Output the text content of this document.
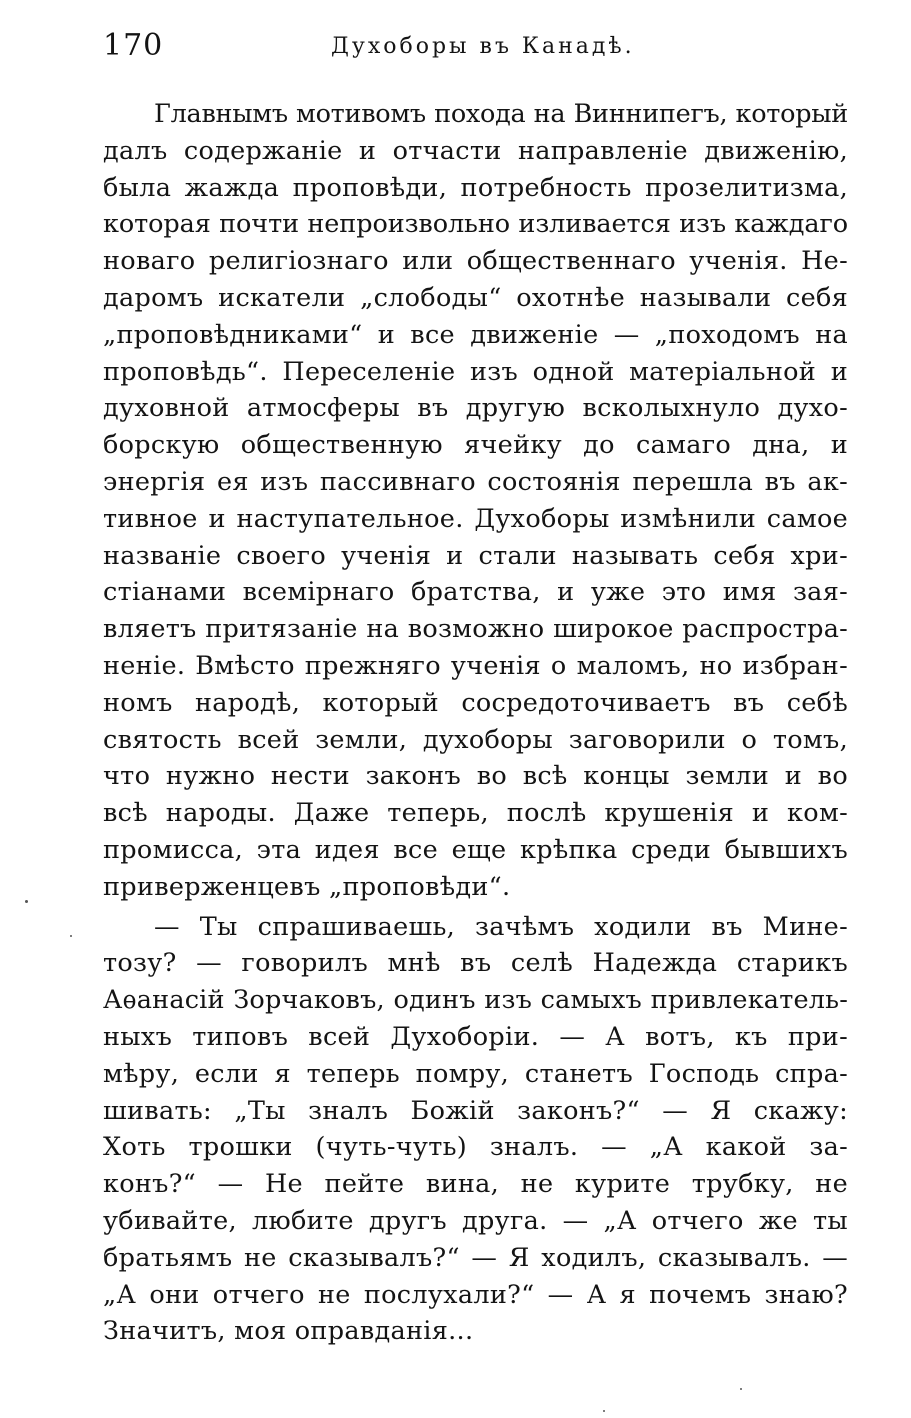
170	Духоборы въ Канадѣ.

Главнымъ мотивомъ похода на Виннипегъ, который
далъ содержаніе и отчасти направленіе движенію,
была жажда проповѣди, потребность прозелитизма,
которая почти непроизвольно изливается изъ каждаго
новаго религіознаго или общественнаго ученія. Не-
даромъ искатели „слободы“ охотнѣе называли себя
„проповѣдниками“ и все движеніе — „походомъ на
проповѣдь“. Переселеніе изъ одной матеріальной и
духовной атмосферы въ другую всколыхнуло духо-
борскую общественную ячейку до самаго дна, и
энергія ея изъ пассивнаго состоянія перешла въ ак-
тивное и наступательное. Духоборы измѣнили самое
названіе своего ученія и стали называть себя хри-
стіанами всемірнаго братства, и уже это имя зая-
вляетъ притязаніе на возможно широкое распростра-
неніе. Вмѣсто прежняго ученія о маломъ, но избран-
номъ народѣ, который сосредоточиваетъ въ себѣ
святость всей земли, духоборы заговорили о томъ,
что нужно нести законъ во всѣ концы земли и во
всѣ народы. Даже теперь, послѣ крушенія и ком-
промисса, эта идея все еще крѣпка среди бывшихъ
приверженцевъ „проповѣди“.

— Ты спрашиваешь, зачѣмъ ходили въ Мине-
тозу? — говорилъ мнѣ въ селѣ Надежда старикъ
Аѳанасій Зорчаковъ, одинъ изъ самыхъ привлекатель-
ныхъ типовъ всей Духоборіи. — А вотъ, къ при-
мѣру, если я теперь помру, станетъ Господь спра-
шивать: „Ты зналъ Божій законъ?“ — Я скажу:
Хоть трошки (чуть-чуть) зналъ. — „А какой за-
конъ?“ — Не пейте вина, не курите трубку, не
убивайте, любите другъ друга. — „А отчего же ты
братьямъ не сказывалъ?“ — Я ходилъ, сказывалъ. —
„А они отчего не послухали?“ — А я почемъ знаю?
Значитъ, моя оправданія...
